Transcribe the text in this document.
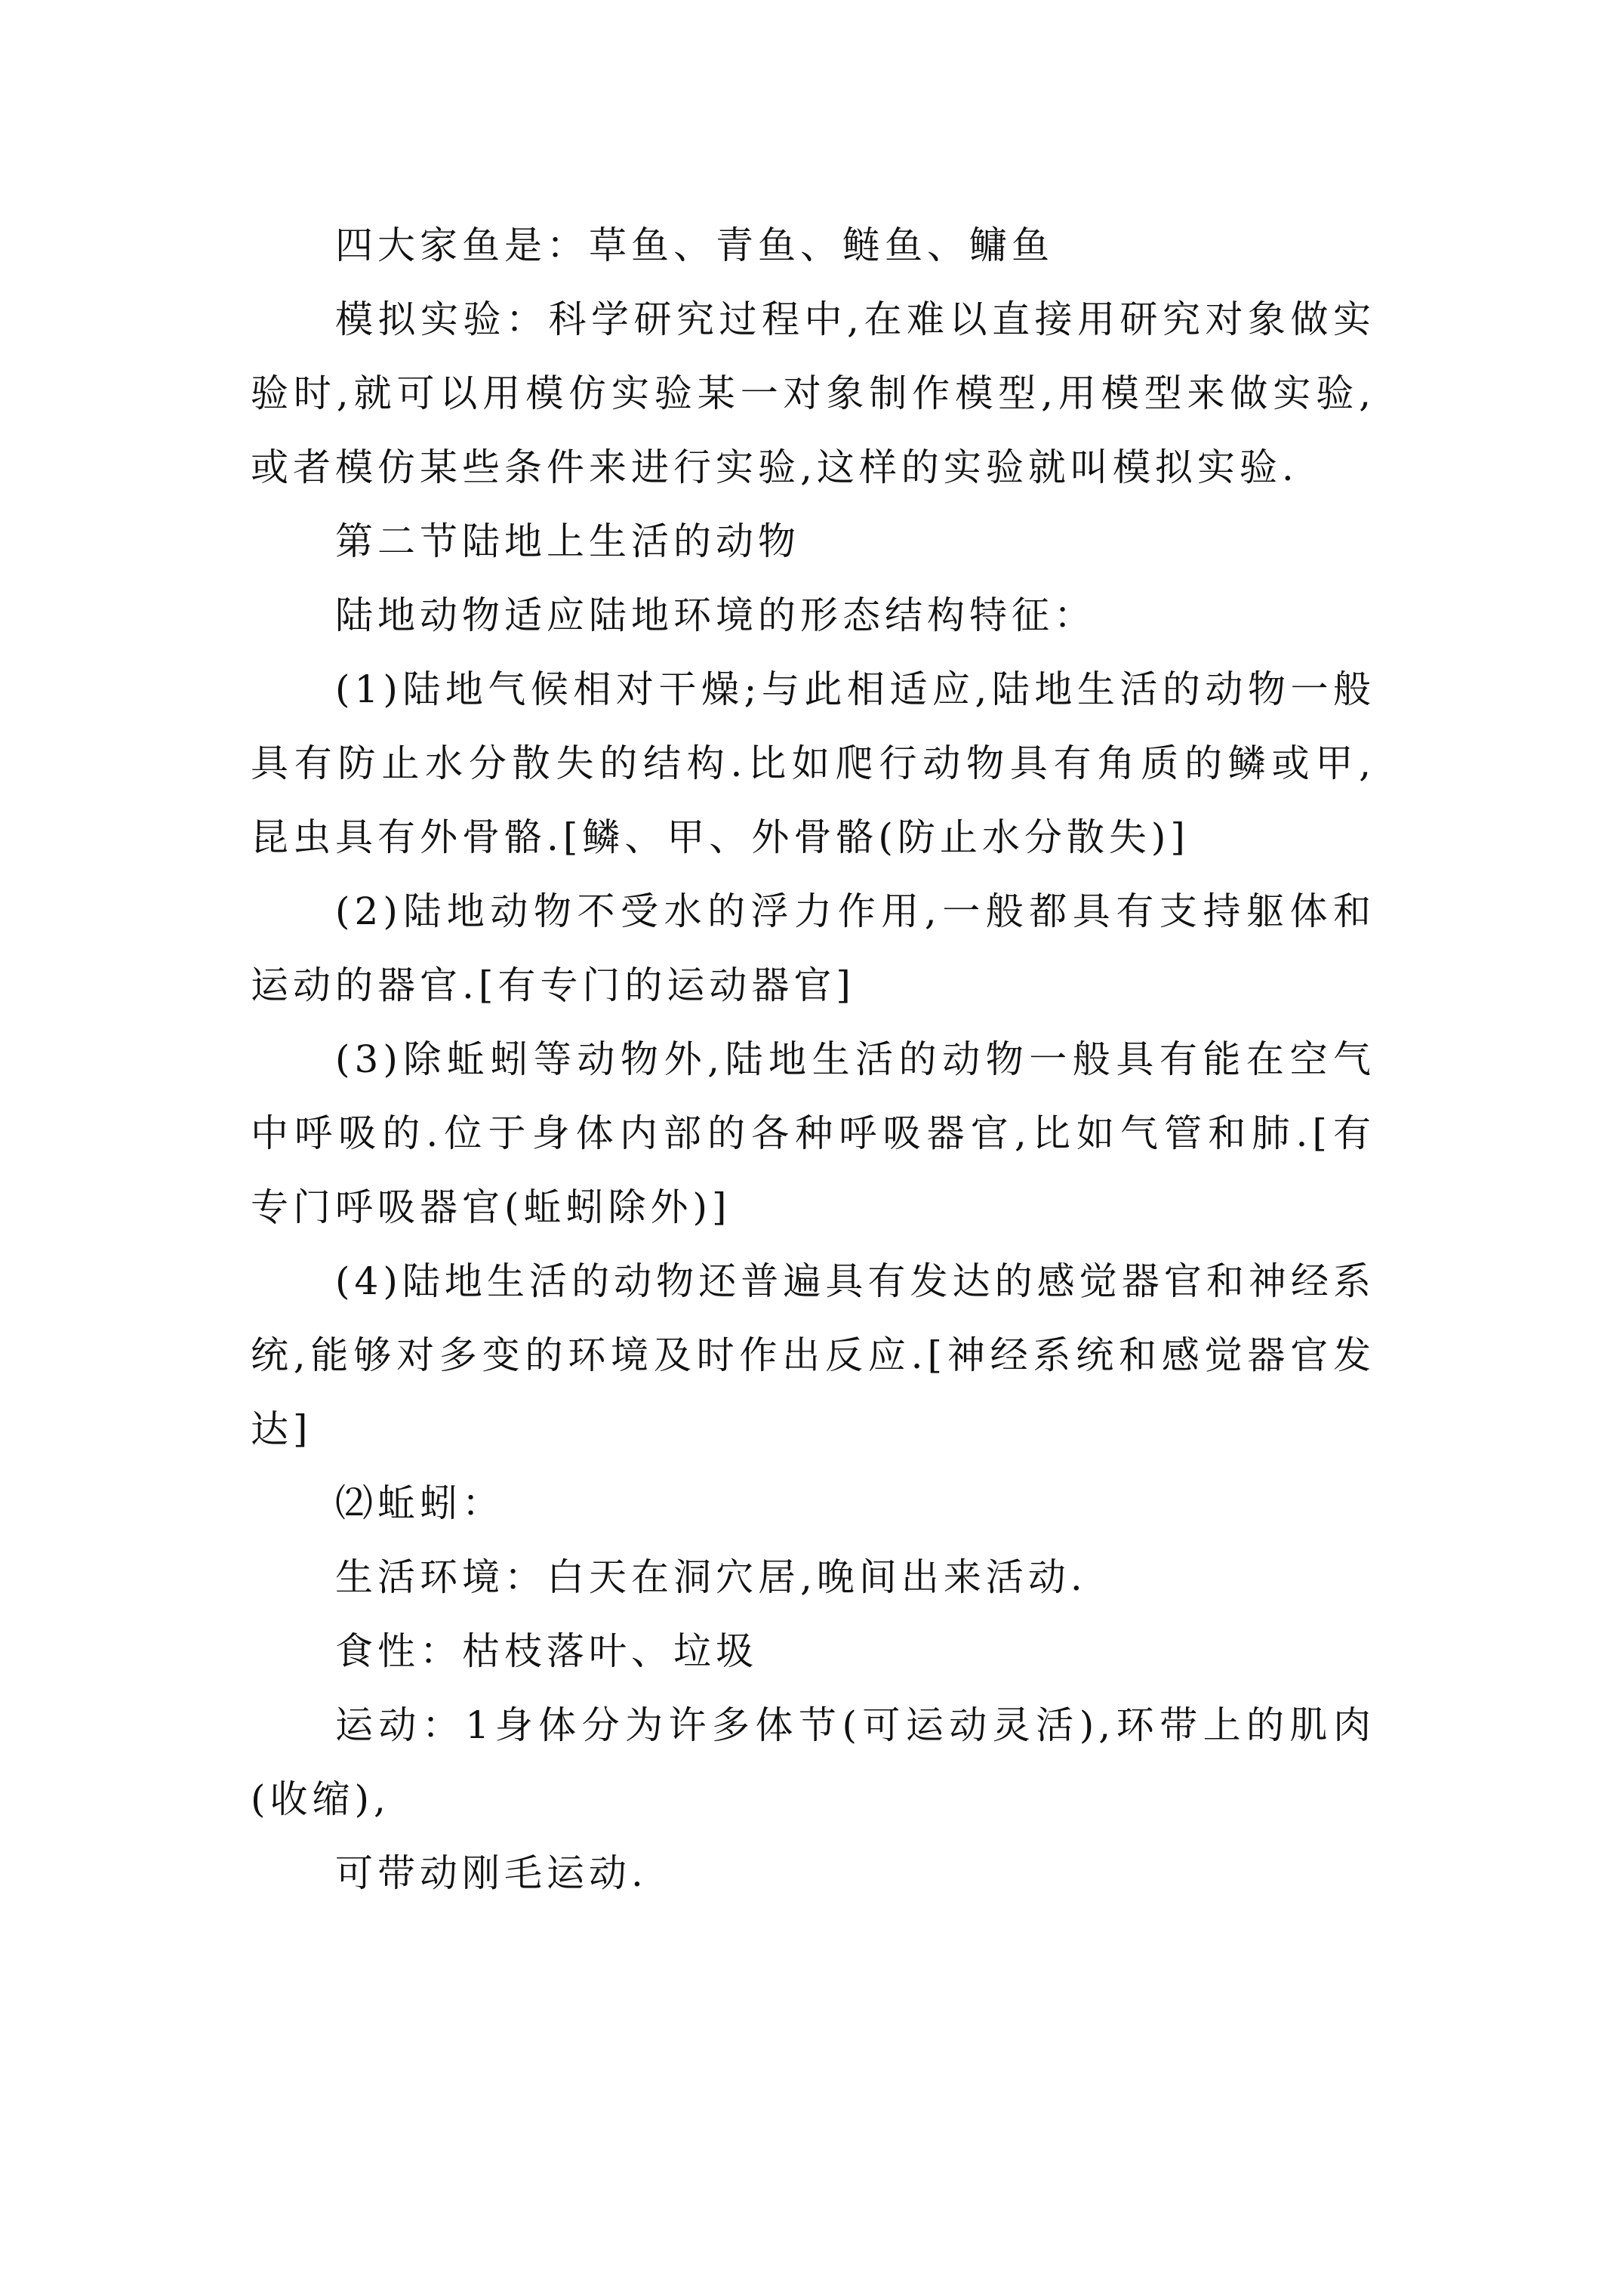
四大家鱼是：草鱼、青鱼、鲢鱼、鳙鱼

模拟实验：科学研究过程中,在难以直接用研究对象做实验时,就可以用模仿实验某一对象制作模型,用模型来做实验,或者模仿某些条件来进行实验,这样的实验就叫模拟实验.

第二节陆地上生活的动物

陆地动物适应陆地环境的形态结构特征：

(1)陆地气候相对干燥;与此相适应,陆地生活的动物一般具有防止水分散失的结构.比如爬行动物具有角质的鳞或甲,昆虫具有外骨骼.[鳞、甲、外骨骼(防止水分散失)]

(2)陆地动物不受水的浮力作用,一般都具有支持躯体和运动的器官.[有专门的运动器官]

(3)除蚯蚓等动物外,陆地生活的动物一般具有能在空气中呼吸的.位于身体内部的各种呼吸器官,比如气管和肺.[有专门呼吸器官(蚯蚓除外)]

(4)陆地生活的动物还普遍具有发达的感觉器官和神经系统,能够对多变的环境及时作出反应.[神经系统和感觉器官发达]

⑵蚯蚓：

生活环境：白天在洞穴居,晚间出来活动.

食性：枯枝落叶、垃圾

运动：1身体分为许多体节(可运动灵活),环带上的肌肉(收缩),

可带动刚毛运动.
